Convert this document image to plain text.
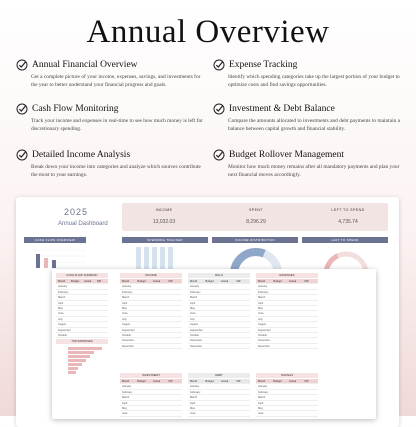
Annual Overview
Annual Financial Overview
Get a complete picture of your income, expenses, savings, and investments for the year to better understand your financial progress and goals.
Expense Tracking
Identify which spending categories take up the largest portion of your budget to optimize costs and find savings opportunities.
Cash Flow Monitoring
Track your income and expenses in real-time to see how much money is left for discretionary spending.
Investment & Debt Balance
Compare the amounts allocated to investments and debt payments to maintain a balance between capital growth and financial stability.
Detailed Income Analysis
Break down your income into categories and analyze which sources contribute the most to your earnings.
Budget Rollover Management
Monitor how much money remains after all mandatory payments and plan your next financial moves accordingly.
2025
Annual Dashboard
INCOME
13,032.03
SPENT
8,296.29
LEFT TO SPEND
4,735.74
CASH FLOW OVERVIEW	SPENDING TRACKER	INCOME DISTRIBUTION	LEFT TO SPEND
CASH FLOW SUMMARY
Month	Budget	Actual	Diff
January
February
March
April
May
June
July
August
September
October
TOP EXPENSES
INCOME
Month	Budget	Actual	Diff
January
February
March
April
May
June
July
August
September
October
November
December
BILLS
Month	Budget	Actual	Diff
January
February
March
April
May
June
July
August
September
October
November
December
EXPENSES
Month	Budget	Actual	Diff
January
February
March
April
May
June
July
August
September
October
November
December
INVESTMENT
Month	Budget	Actual	Diff
January
February
March
April
May
June
DEBT
Month	Budget	Actual	Diff
January
February
March
April
May
June
SAVINGS
Month	Budget	Actual	Diff
January
February
March
April
May
June
